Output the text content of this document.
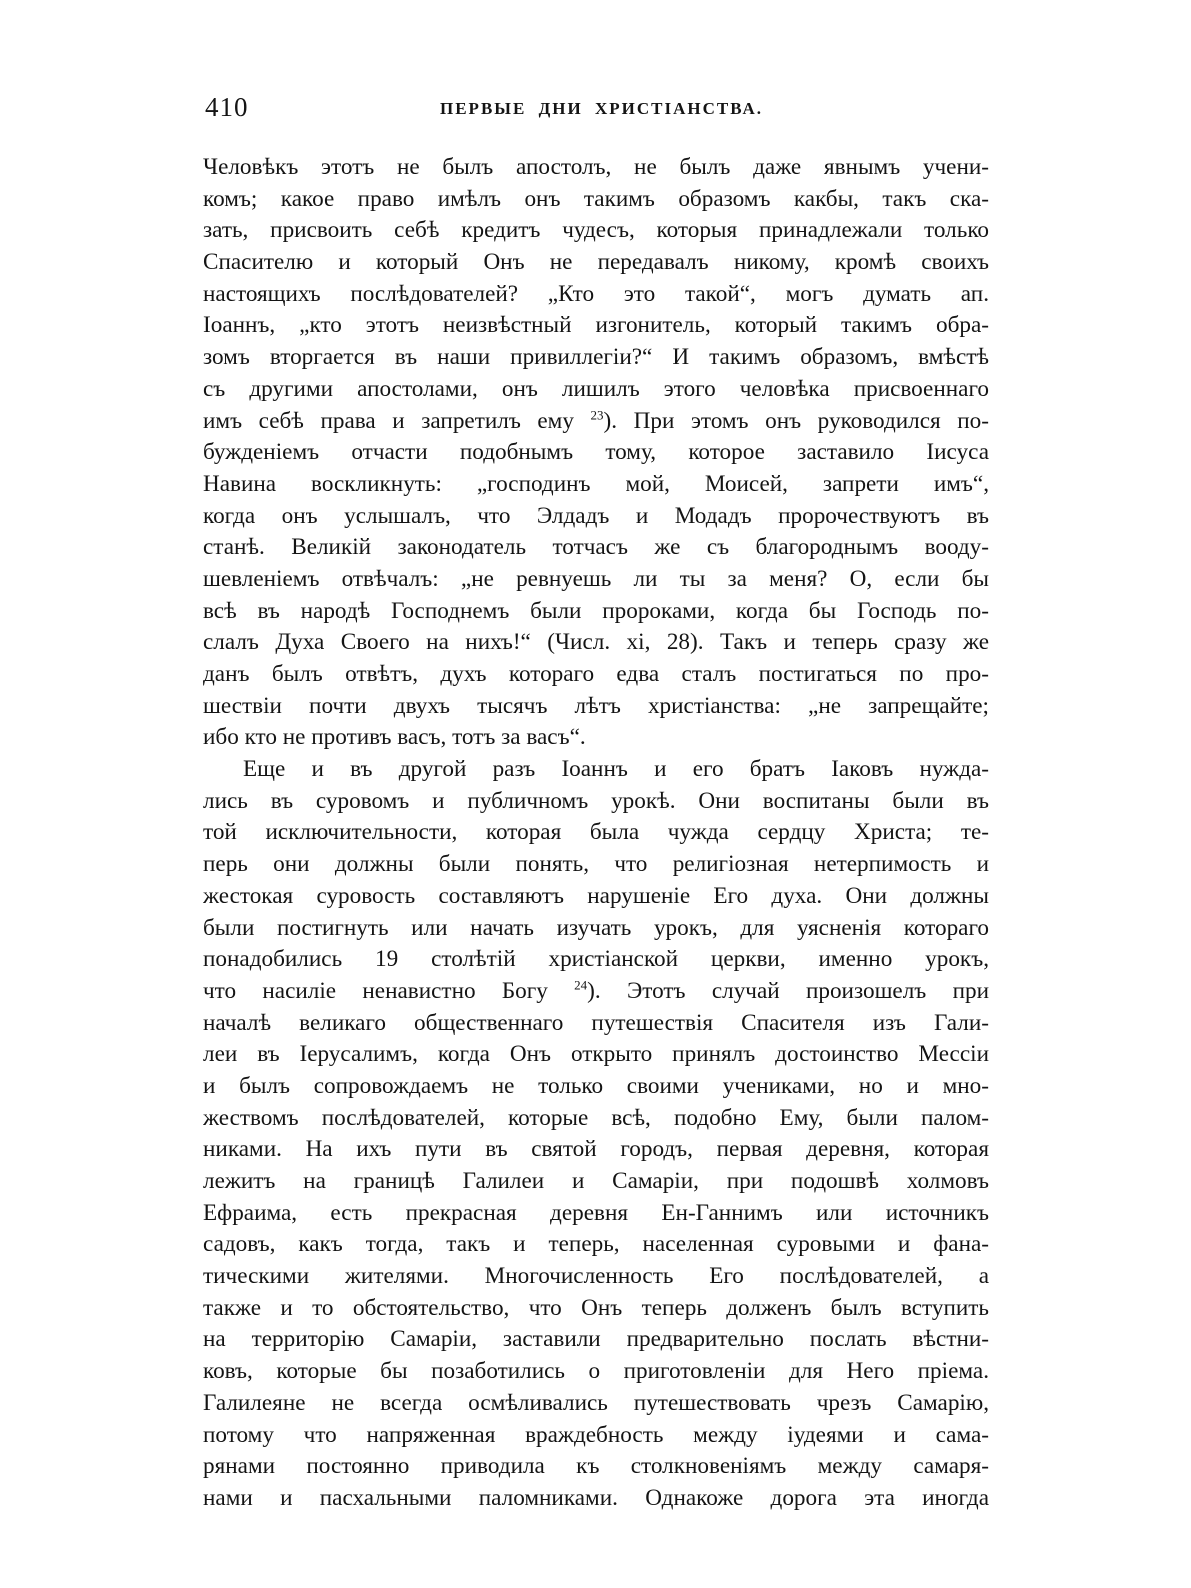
410	ПЕРВЫЕ ДНИ ХРИСТІАНСТВА.
Человѣкъ этотъ не былъ апостолъ, не былъ даже явнымъ учени-
комъ; какое право имѣлъ онъ такимъ образомъ какбы, такъ ска-
зать, присвоить себѣ кредитъ чудесъ, которыя принадлежали только
Спасителю и который Онъ не передавалъ никому, кромѣ своихъ
настоящихъ послѣдователей? „Кто это такой“, могъ думать ап.
Іоаннъ, „кто этотъ неизвѣстный изгонитель, который такимъ обра-
зомъ вторгается въ наши привиллегіи?“ И такимъ образомъ, вмѣстѣ
съ другими апостолами, онъ лишилъ этого человѣка присвоеннаго
имъ себѣ права и запретилъ ему $^{23}$). При этомъ онъ руководился по-
бужденіемъ отчасти подобнымъ тому, которое заставило Іисуса
Навина воскликнуть: „господинъ мой, Моисей, запрети имъ“,
когда онъ услышалъ, что Элдадъ и Модадъ пророчествуютъ въ
станѣ. Великій законодатель тотчасъ же съ благороднымъ вооду-
шевленіемъ отвѣчалъ: „не ревнуешь ли ты за меня? О, если бы
всѣ въ народѣ Господнемъ были пророками, когда бы Господь по-
слалъ Духа Своего на нихъ!“ (Числ. xi, 28). Такъ и теперь сразу же
данъ былъ отвѣтъ, духъ котораго едва сталъ постигаться по про-
шествіи почти двухъ тысячъ лѣтъ христіанства: „не запрещайте;
ибо кто не противъ васъ, тотъ за васъ“.
Еще и въ другой разъ Іоаннъ и его братъ Іаковъ нужда-
лись въ суровомъ и публичномъ урокѣ. Они воспитаны были въ
той исключительности, которая была чужда сердцу Христа; те-
перь они должны были понять, что религіозная нетерпимость и
жестокая суровость составляютъ нарушеніе Его духа. Они должны
были постигнуть или начать изучать урокъ, для уясненія котораго
понадобились 19 столѣтій христіанской церкви, именно урокъ,
что насиліе ненавистно Богу $^{24}$). Этотъ случай произошелъ при
началѣ великаго общественнаго путешествія Спасителя изъ Гали-
леи въ Іерусалимъ, когда Онъ открыто принялъ достоинство Мессіи
и былъ сопровождаемъ не только своими учениками, но и мно-
жествомъ послѣдователей, которые всѣ, подобно Ему, были палом-
никами. На ихъ пути въ святой городъ, первая деревня, которая
лежитъ на границѣ Галилеи и Самаріи, при подошвѣ холмовъ
Ефраима, есть прекрасная деревня Ен-Ганнимъ или источникъ
садовъ, какъ тогда, такъ и теперь, населенная суровыми и фана-
тическими жителями. Многочисленность Его послѣдователей, а
также и то обстоятельство, что Онъ теперь долженъ былъ вступить
на территорію Самаріи, заставили предварительно послать вѣстни-
ковъ, которые бы позаботились о приготовленіи для Него пріема.
Галилеяне не всегда осмѣливались путешествовать чрезъ Самарію,
потому что напряженная враждебность между іудеями и сама-
рянами постоянно приводила къ столкновеніямъ между самаря-
нами и пасхальными паломниками. Однакоже дорога эта иногда
